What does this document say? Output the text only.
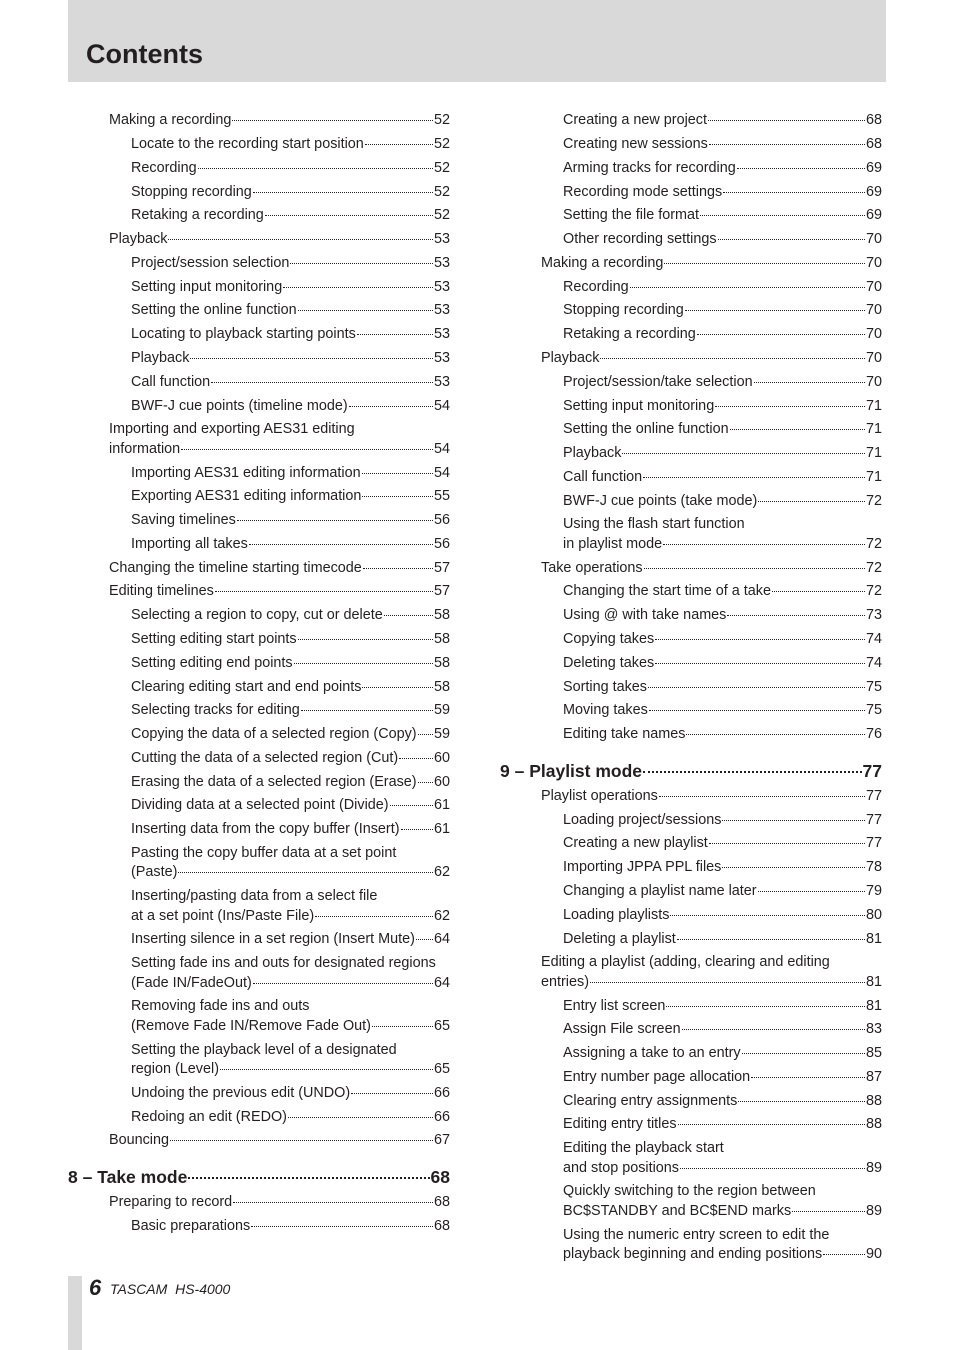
Contents
Making a recording	52
Locate to the recording start position	52
Recording	52
Stopping recording	52
Retaking a recording	52
Playback	53
Project/session selection	53
Setting input monitoring	53
Setting the online function	53
Locating to playback starting points	53
Playback	53
Call function	53
BWF-J cue points (timeline mode)	54
Importing and exporting AES31 editing
information	54
Importing AES31 editing information	54
Exporting AES31 editing information	55
Saving timelines	56
Importing all takes	56
Changing the timeline starting timecode	57
Editing timelines	57
Selecting a region to copy, cut or delete	58
Setting editing start points	58
Setting editing end points	58
Clearing editing start and end points	58
Selecting tracks for editing	59
Copying the data of a selected region (Copy) 59
Cutting the data of a selected region (Cut) 60
Erasing the data of a selected region (Erase) 60
Dividing data at a selected point (Divide)	61
Inserting data from the copy buffer (Insert) 61
Pasting the copy buffer data at a set point
(Paste)	62
Inserting/pasting data from a select file
at a set point (Ins/Paste File)	62
Inserting silence in a set region (Insert Mute) 64
Setting fade ins and outs for designated regions
(Fade IN/FadeOut)	64
Removing fade ins and outs
(Remove Fade IN/Remove Fade Out)	65
Setting the playback level of a designated
region (Level)	65
Undoing the previous edit (UNDO)	66
Redoing an edit (REDO)	66
Bouncing	67
8 – Take mode	68
Preparing to record	68
Basic preparations	68
Creating a new project	68
Creating new sessions	68
Arming tracks for recording	69
Recording mode settings	69
Setting the file format	69
Other recording settings	70
Making a recording	70
Recording	70
Stopping recording	70
Retaking a recording	70
Playback	70
Project/session/take selection	70
Setting input monitoring	71
Setting the online function	71
Playback	71
Call function	71
BWF-J cue points (take mode)	72
Using the flash start function
in playlist mode	72
Take operations	72
Changing the start time of a take	72
Using @ with take names	73
Copying takes	74
Deleting takes	74
Sorting takes	75
Moving takes	75
Editing take names	76
9 – Playlist mode	77
Playlist operations	77
Loading project/sessions	77
Creating a new playlist	77
Importing JPPA PPL files	78
Changing a playlist name later	79
Loading playlists	80
Deleting a playlist	81
Editing a playlist (adding, clearing and editing
entries)	81
Entry list screen	81
Assign File screen	83
Assigning a take to an entry	85
Entry number page allocation	87
Clearing entry assignments	88
Editing entry titles	88
Editing the playback start
and stop positions	89
Quickly switching to the region between
BC$STANDBY and BC$END marks	89
Using the numeric entry screen to edit the
playback beginning and ending positions	90
6 TASCAM  HS-4000
